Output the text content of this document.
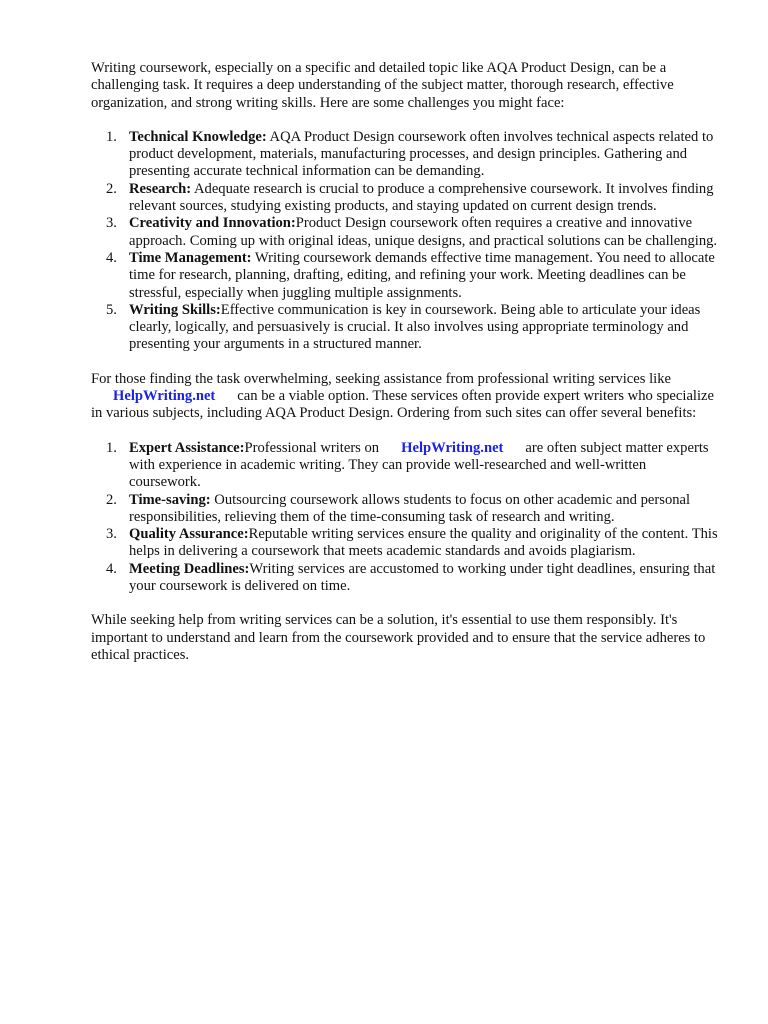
Writing coursework, especially on a specific and detailed topic like AQA Product Design, can be a challenging task. It requires a deep understanding of the subject matter, thorough research, effective organization, and strong writing skills. Here are some challenges you might face:

1. Technical Knowledge: AQA Product Design coursework often involves technical aspects related to product development, materials, manufacturing processes, and design principles. Gathering and presenting accurate technical information can be demanding.
2. Research: Adequate research is crucial to produce a comprehensive coursework. It involves finding relevant sources, studying existing products, and staying updated on current design trends.
3. Creativity and Innovation:Product Design coursework often requires a creative and innovative approach. Coming up with original ideas, unique designs, and practical solutions can be challenging.
4. Time Management: Writing coursework demands effective time management. You need to allocate time for research, planning, drafting, editing, and refining your work. Meeting deadlines can be stressful, especially when juggling multiple assignments.
5. Writing Skills:Effective communication is key in coursework. Being able to articulate your ideas clearly, logically, and persuasively is crucial. It also involves using appropriate terminology and presenting your arguments in a structured manner.

For those finding the task overwhelming, seeking assistance from professional writing services like HelpWriting.net can be a viable option. These services often provide expert writers who specialize in various subjects, including AQA Product Design. Ordering from such sites can offer several benefits:

1. Expert Assistance:Professional writers on HelpWriting.net are often subject matter experts with experience in academic writing. They can provide well-researched and well-written coursework.
2. Time-saving: Outsourcing coursework allows students to focus on other academic and personal responsibilities, relieving them of the time-consuming task of research and writing.
3. Quality Assurance:Reputable writing services ensure the quality and originality of the content. This helps in delivering a coursework that meets academic standards and avoids plagiarism.
4. Meeting Deadlines:Writing services are accustomed to working under tight deadlines, ensuring that your coursework is delivered on time.

While seeking help from writing services can be a solution, it's essential to use them responsibly. It's important to understand and learn from the coursework provided and to ensure that the service adheres to ethical practices.
